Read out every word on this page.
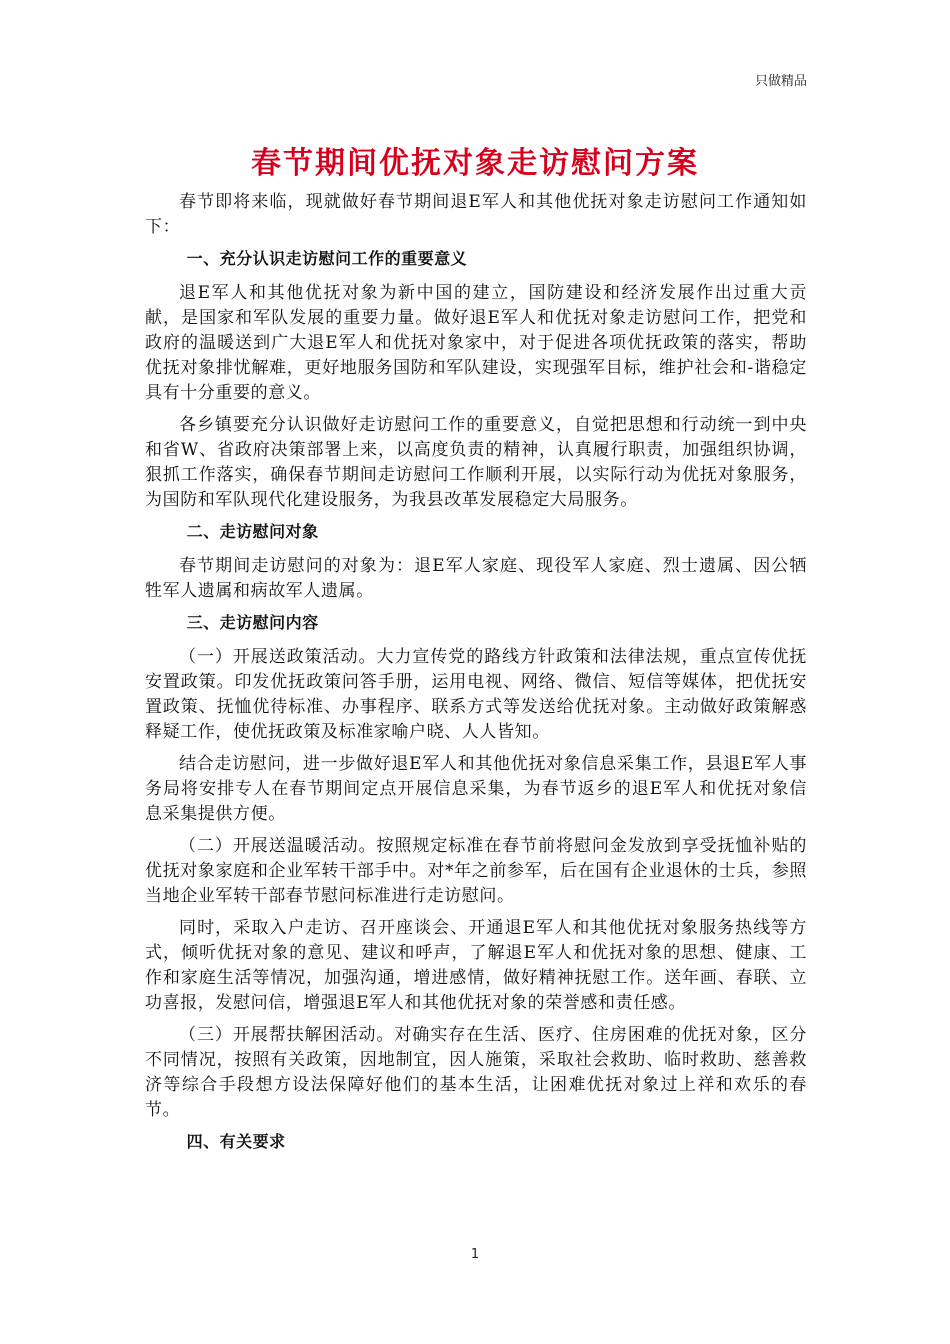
只做精品
春节期间优抚对象走访慰问方案

春节即将来临，现就做好春节期间退E军人和其他优抚对象走访慰问工作通知如下：

一、充分认识走访慰问工作的重要意义

退E军人和其他优抚对象为新中国的建立，国防建设和经济发展作出过重大贡献，是国家和军队发展的重要力量。做好退E军人和优抚对象走访慰问工作，把党和政府的温暖送到广大退E军人和优抚对象家中，对于促进各项优抚政策的落实，帮助优抚对象排忧解难，更好地服务国防和军队建设，实现强军目标，维护社会和-谐稳定具有十分重要的意义。

各乡镇要充分认识做好走访慰问工作的重要意义，自觉把思想和行动统一到中央和省W、省政府决策部署上来，以高度负责的精神，认真履行职责，加强组织协调，狠抓工作落实，确保春节期间走访慰问工作顺利开展，以实际行动为优抚对象服务，为国防和军队现代化建设服务，为我县改革发展稳定大局服务。

二、走访慰问对象

春节期间走访慰问的对象为：退E军人家庭、现役军人家庭、烈士遗属、因公牺牲军人遗属和病故军人遗属。

三、走访慰问内容

（一）开展送政策活动。大力宣传党的路线方针政策和法律法规，重点宣传优抚安置政策。印发优抚政策问答手册，运用电视、网络、微信、短信等媒体，把优抚安置政策、抚恤优待标准、办事程序、联系方式等发送给优抚对象。主动做好政策解惑释疑工作，使优抚政策及标准家喻户晓、人人皆知。

结合走访慰问，进一步做好退E军人和其他优抚对象信息采集工作，县退E军人事务局将安排专人在春节期间定点开展信息采集，为春节返乡的退E军人和优抚对象信息采集提供方便。

（二）开展送温暖活动。按照规定标准在春节前将慰问金发放到享受抚恤补贴的优抚对象家庭和企业军转干部手中。对*年之前参军，后在国有企业退休的士兵，参照当地企业军转干部春节慰问标准进行走访慰问。

同时，采取入户走访、召开座谈会、开通退E军人和其他优抚对象服务热线等方式，倾听优抚对象的意见、建议和呼声，了解退E军人和优抚对象的思想、健康、工作和家庭生活等情况，加强沟通，增进感情，做好精神抚慰工作。送年画、春联、立功喜报，发慰问信，增强退E军人和其他优抚对象的荣誉感和责任感。

（三）开展帮扶解困活动。对确实存在生活、医疗、住房困难的优抚对象，区分不同情况，按照有关政策，因地制宜，因人施策，采取社会救助、临时救助、慈善救济等综合手段想方设法保障好他们的基本生活，让困难优抚对象过上祥和欢乐的春节。

四、有关要求
1
